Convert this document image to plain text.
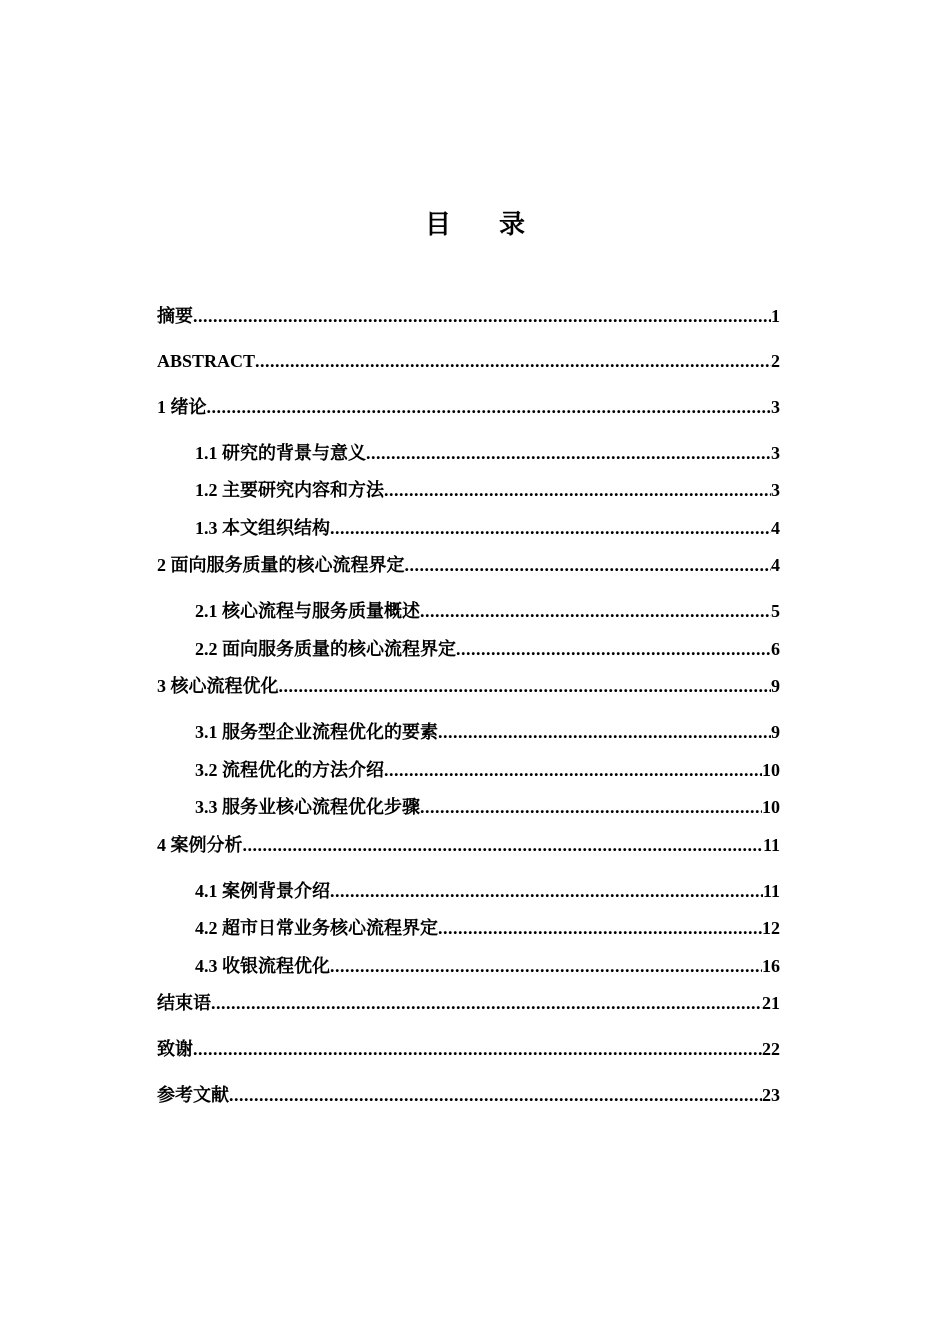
目录
摘要 .....	1
ABSTRACT .....	2
1 绪论 .....	3
1.1 研究的背景与意义 .....	3
1.2 主要研究内容和方法 .....	3
1.3 本文组织结构 .....	4
2 面向服务质量的核心流程界定 .....	4
2.1 核心流程与服务质量概述 .....	5
2.2 面向服务质量的核心流程界定 .....	6
3 核心流程优化 .....	9
3.1 服务型企业流程优化的要素 .....	9
3.2 流程优化的方法介绍 .....	10
3.3 服务业核心流程优化步骤 .....	10
4 案例分析 .....	11
4.1 案例背景介绍 .....	11
4.2 超市日常业务核心流程界定 .....	12
4.3 收银流程优化 .....	16
结束语 .....	21
致谢 .....	22
参考文献 .....	23
